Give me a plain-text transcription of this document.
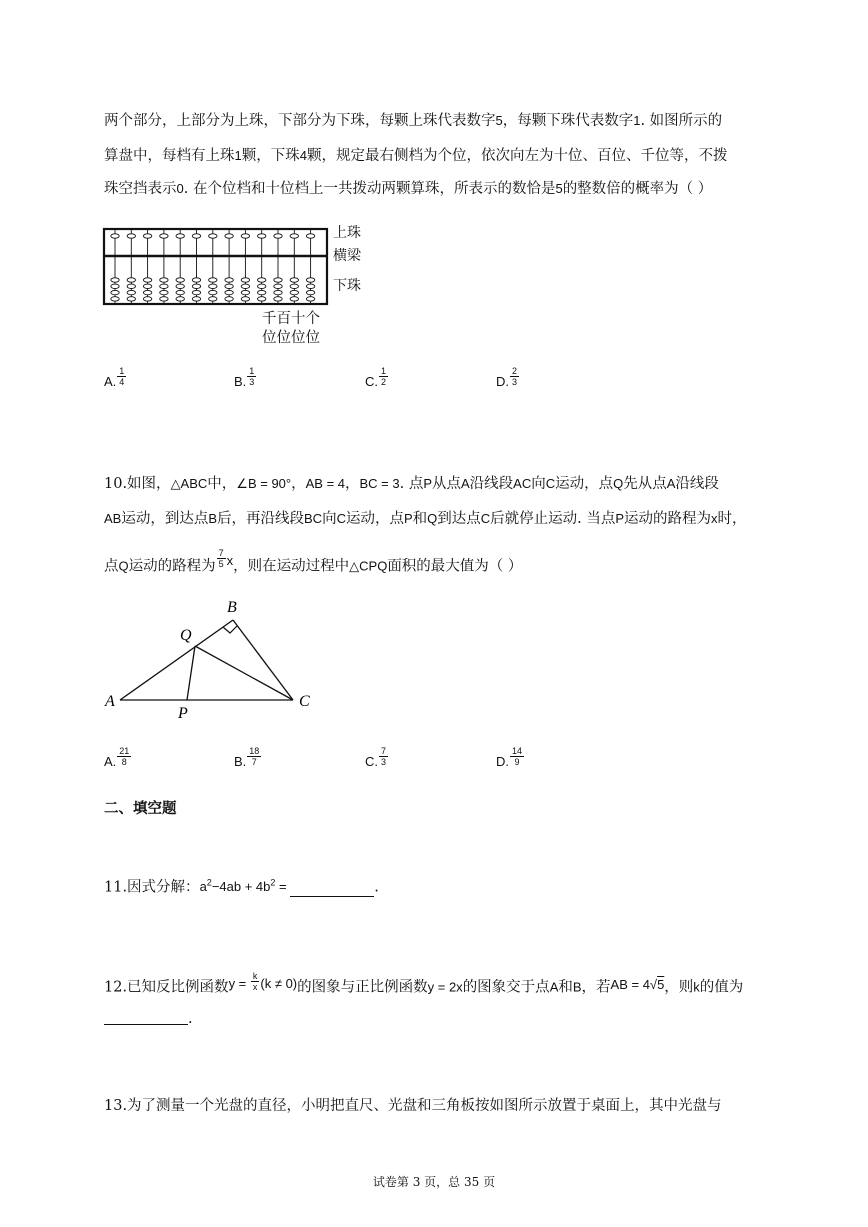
两个部分，上部分为上珠，下部分为下珠，每颗上珠代表数字5，每颗下珠代表数字1. 如图所示的
算盘中，每档有上珠1颗，下珠4颗，规定最右侧档为个位，依次向左为十位、百位、千位等，不拨
珠空挡表示0. 在个位档和十位档上一共拨动两颗算珠，所表示的数恰是5的整数倍的概率为（ ）
上珠
横梁
下珠
千百十个
位位位位
A. $\frac{1}{4}$	B. $\frac{1}{3}$	C. $\frac{1}{2}$	D. $\frac{2}{3}$
10.如图，△ABC中，∠B = 90°，AB = 4，BC = 3. 点P从点A沿线段AC向C运动，点Q先从点A沿线段
AB运动，到达点B后，再沿线段BC向C运动，点P和Q到达点C后就停止运动. 当点P运动的路程为x时，
点Q运动的路程为 $\frac{7}{5}$ x，则在运动过程中△CPQ面积的最大值为（ ）
A
B
C
P
Q
A. $\frac{21}{8}$	B. $\frac{18}{7}$	C. $\frac{7}{3}$	D. $\frac{14}{9}$
二、填空题
11.因式分解：$a^2-4ab + 4b^2$ =	.
12.已知反比例函数$y = \frac{k}{x} (k \ne 0)$的图象与正比例函数y = 2x的图象交于点A和B，若AB = 4√5，则k的值为
.
13.为了测量一个光盘的直径，小明把直尺、光盘和三角板按如图所示放置于桌面上，其中光盘与
试卷第 3 页，总 35 页
